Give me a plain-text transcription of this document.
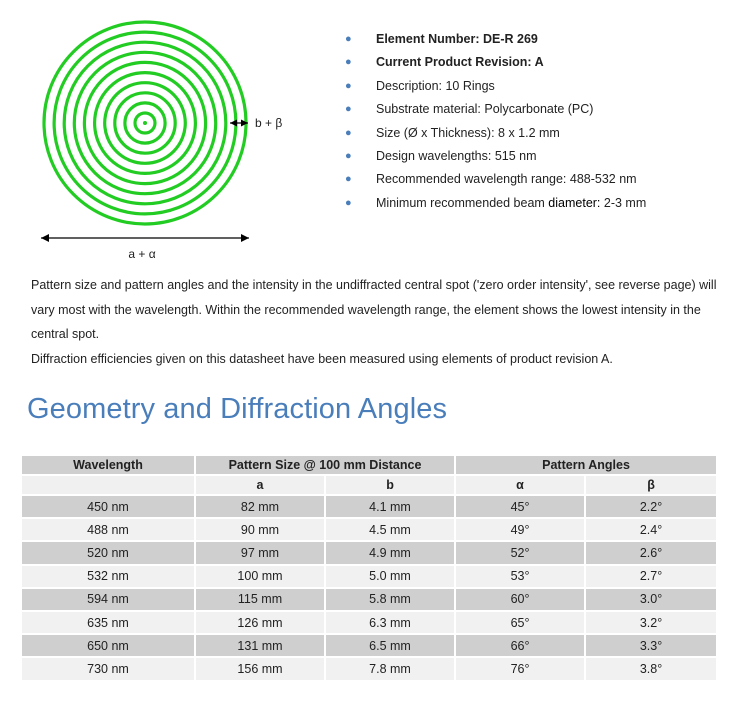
b + β
a + α
● Element Number: DE-R 269
● Current Product Revision: A
● Description: 10 Rings
● Substrate material: Polycarbonate (PC)
● Size (Ø x Thickness): 8 x 1.2 mm
● Design wavelengths: 515 nm
● Recommended wavelength range: 488-532 nm
● Minimum recommended beam diameter: 2-3 mm

Pattern size and pattern angles and the intensity in the undiffracted central spot ('zero order intensity', see reverse page) will vary most with the wavelength. Within the recommended wavelength range, the element shows the lowest intensity in the central spot.

Diffraction efficiencies given on this datasheet have been measured using elements of product revision A.

Geometry and Diffraction Angles
Wavelength	Pattern Size @ 100 mm Distance		Pattern Angles	
	a	b	α	β
450 nm	82 mm	4.1 mm	45°	2.2°
488 nm	90 mm	4.5 mm	49°	2.4°
520 nm	97 mm	4.9 mm	52°	2.6°
532 nm	100 mm	5.0 mm	53°	2.7°
594 nm	115 mm	5.8 mm	60°	3.0°
635 nm	126 mm	6.3 mm	65°	3.2°
650 nm	131 mm	6.5 mm	66°	3.3°
730 nm	156 mm	7.8 mm	76°	3.8°
